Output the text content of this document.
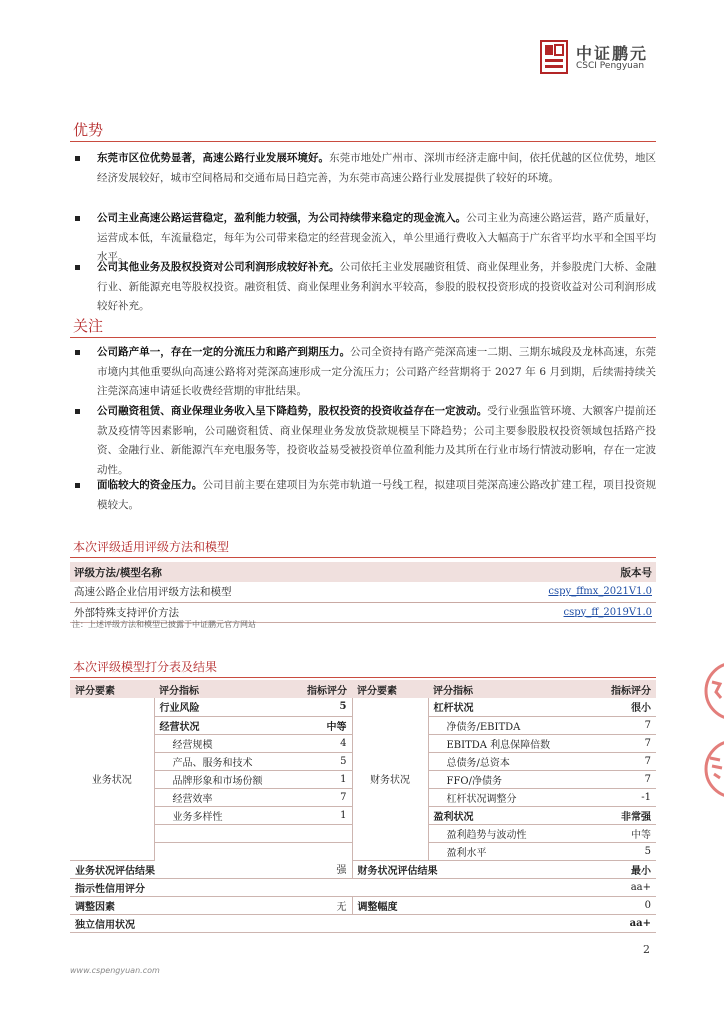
中证鹏元
CSCI Pengyuan
优势
东莞市区位优势显著，高速公路行业发展环境好。东莞市地处广州市、深圳市经济走廊中间，依托优越的区位优势，地区经济发展较好，城市空间格局和交通布局日趋完善，为东莞市高速公路行业发展提供了较好的环境。
公司主业高速公路运营稳定，盈利能力较强，为公司持续带来稳定的现金流入。公司主业为高速公路运营，路产质量好，运营成本低，车流量稳定，每年为公司带来稳定的经营现金流入，单公里通行费收入大幅高于广东省平均水平和全国平均水平。
公司其他业务及股权投资对公司利润形成较好补充。公司依托主业发展融资租赁、商业保理业务，并参股虎门大桥、金融行业、新能源充电等股权投资。融资租赁、商业保理业务利润水平较高，参股的股权投资形成的投资收益对公司利润形成较好补充。
关注
公司路产单一，存在一定的分流压力和路产到期压力。公司全资持有路产莞深高速一二期、三期东城段及龙林高速，东莞市境内其他重要纵向高速公路将对莞深高速形成一定分流压力；公司路产经营期将于 2027 年 6 月到期，后续需持续关注莞深高速申请延长收费经营期的审批结果。
公司融资租赁、商业保理业务收入呈下降趋势，股权投资的投资收益存在一定波动。受行业强监管环境、大额客户提前还款及疫情等因素影响，公司融资租赁、商业保理业务发放贷款规模呈下降趋势；公司主要参股股权投资领域包括路产投资、金融行业、新能源汽车充电服务等，投资收益易受被投资单位盈利能力及其所在行业市场行情波动影响，存在一定波动性。
面临较大的资金压力。公司目前主要在建项目为东莞市轨道一号线工程，拟建项目莞深高速公路改扩建工程，项目投资规模较大。
本次评级适用评级方法和模型
评级方法/模型名称	版本号
高速公路企业信用评级方法和模型	cspy_ffmx_2021V1.0
外部特殊支持评价方法	cspy_ff_2019V1.0
注：上述评级方法和模型已披露于中证鹏元官方网站
本次评级模型打分表及结果
评分要素	评分指标	指标评分	评分要素	评分指标	指标评分
业务状况	行业风险	5	财务状况	杠杆状况	很小
	经营状况	中等		净债务/EBITDA	7
	经营规模	4		EBITDA 利息保障倍数	7
	产品、服务和技术	5		总债务/总资本	7
	品牌形象和市场份额	1		FFO/净债务	7
	经营效率	7		杠杆状况调整分	-1
	业务多样性	1		盈利状况	非常强
				盈利趋势与波动性	中等
				盈利水平	5
业务状况评估结果		强	财务状况评估结果		最小
指示性信用评分					aa+
调整因素		无	调整幅度		0
独立信用状况					aa+
2
www.cspengyuan.com
